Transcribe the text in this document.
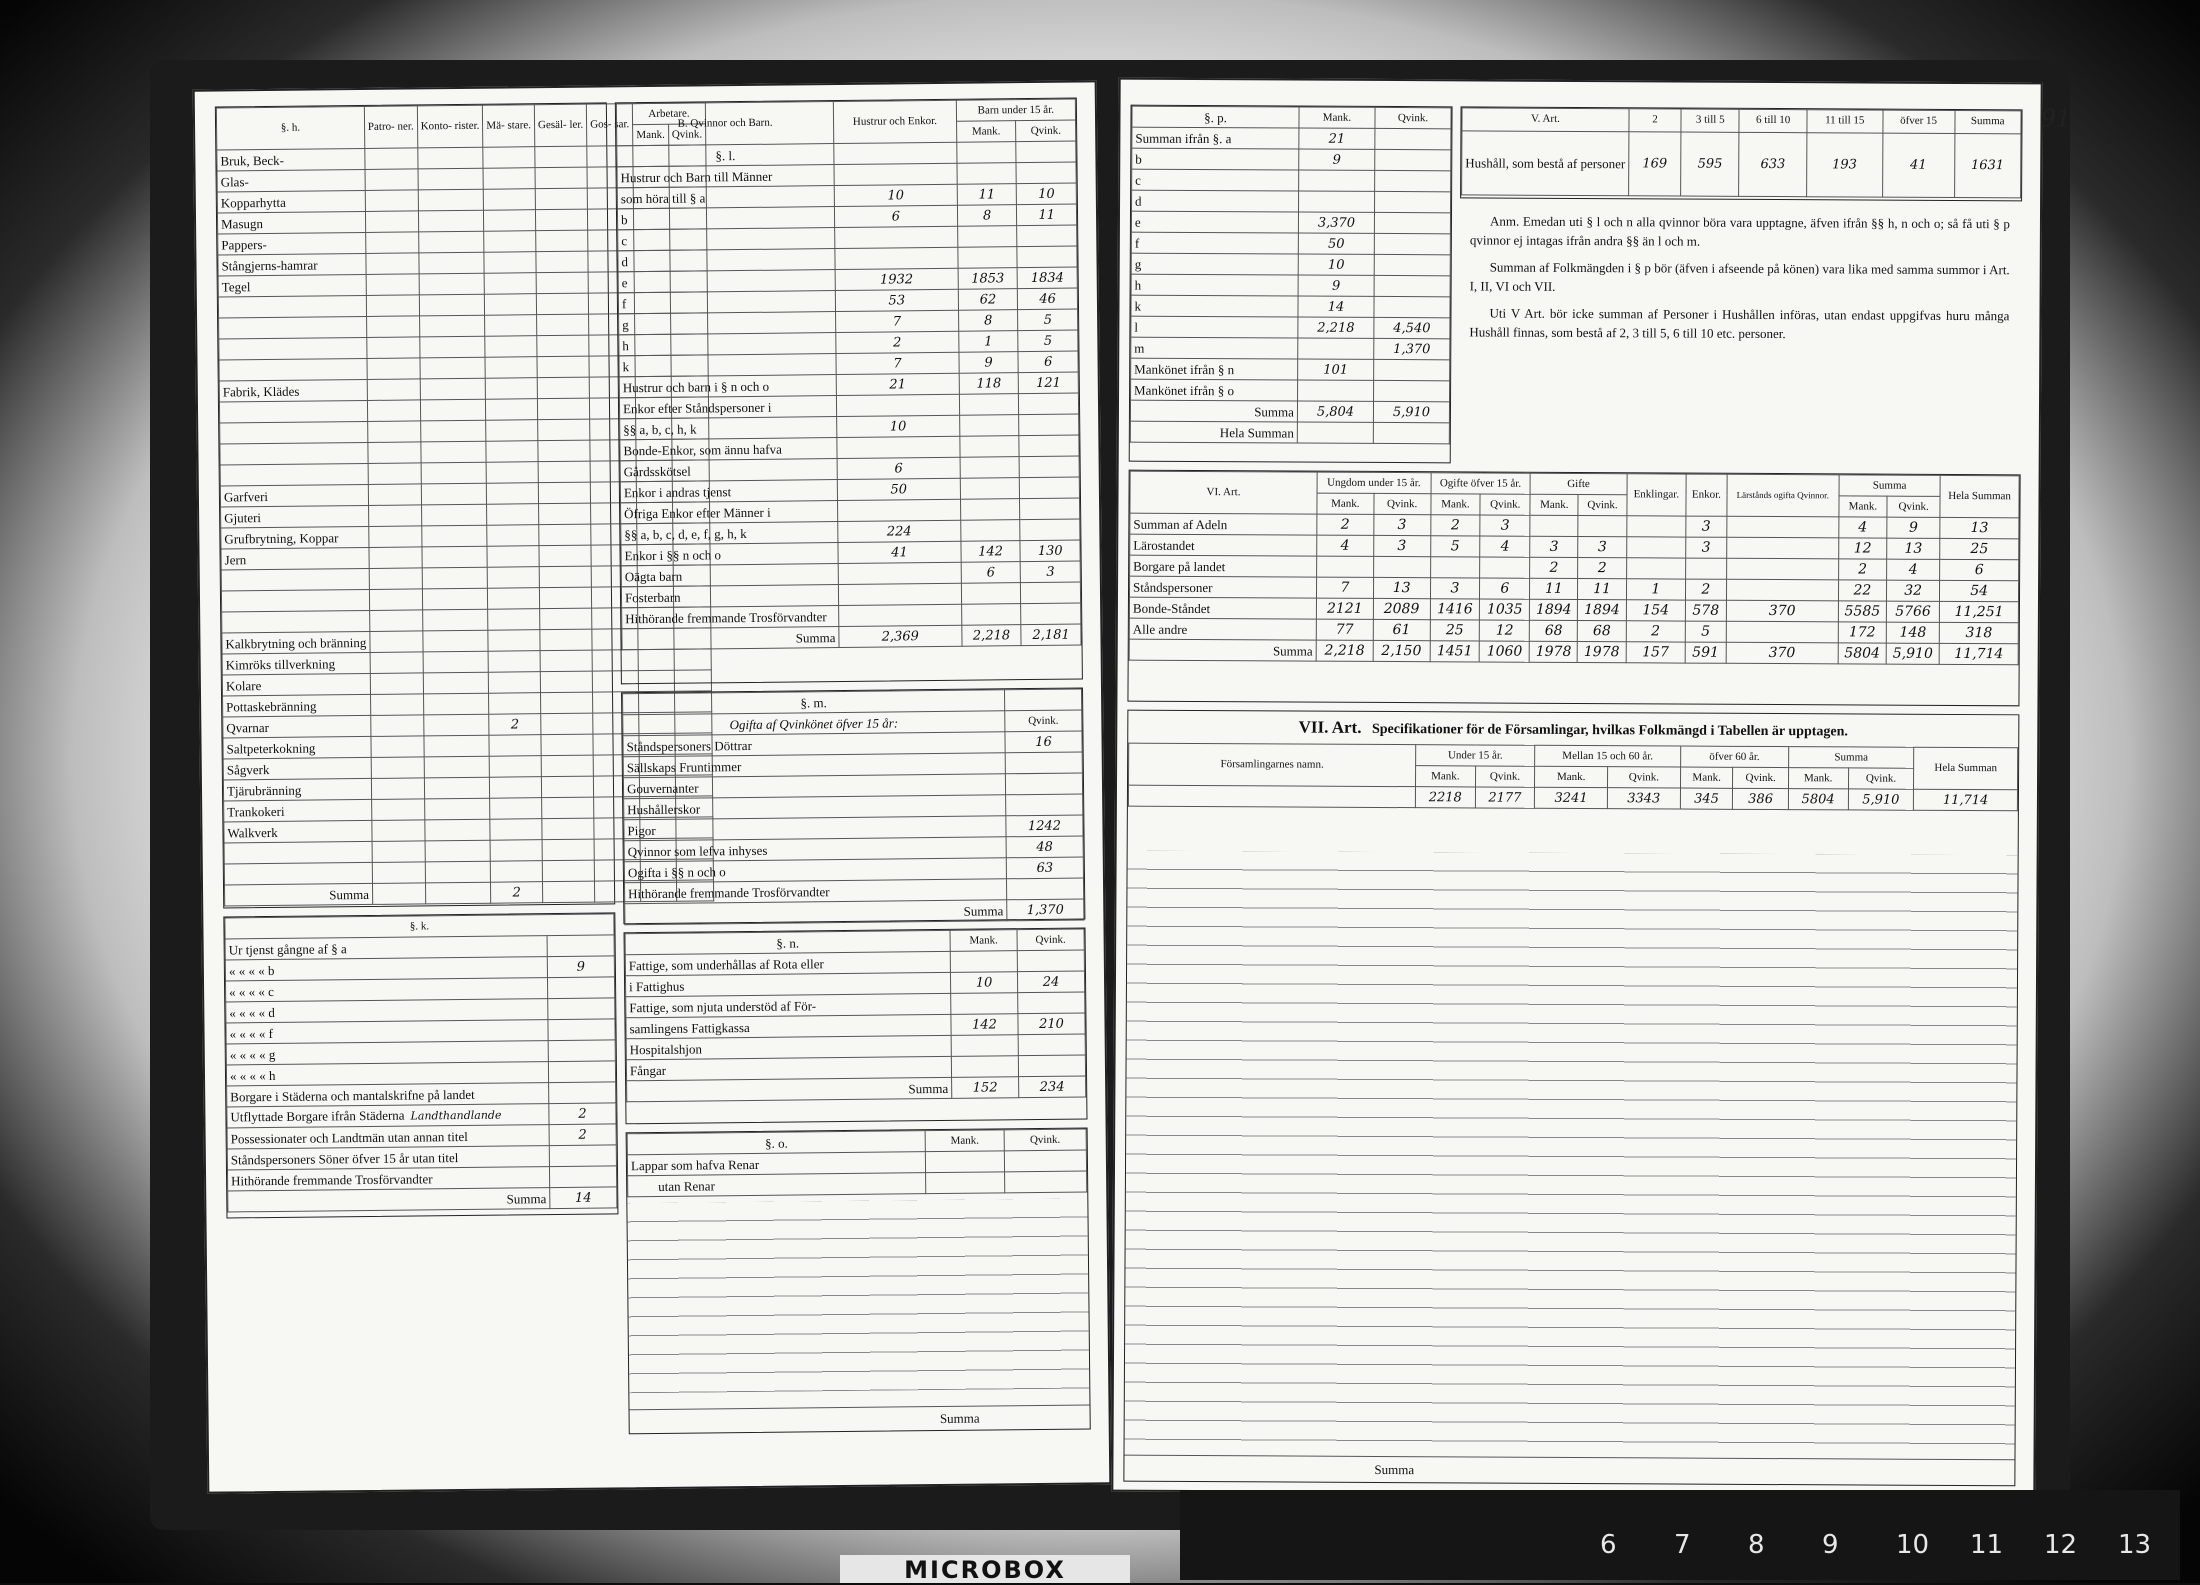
§. h.	Patro- ner.	Konto- rister.	Mä- stare.	Gesäl- ler.	Gos- sar.	Arbetare.	
						Mank.	Qvink.
Bruk, Beck-							
Glas-							
Kopparhytta							
Masugn							
Pappers-							
Stångjerns-hamrar							
Tegel							

Fabrik, Klädes							

Garfveri							
Gjuteri							
Grufbrytning, Koppar							
Jern							

Kalkbrytning och bränning							
Kimröks tillverkning							
Kolare							
Pottaskebränning							
Qvarnar			2				
Saltpeterkokning							
Sågverk							
Tjärubränning							
Trankokeri							
Walkverk							

Summa			2				
§. k.	
Ur tjenst gångne af § a	
« « « « b	9
« « « « c	
« « « « d	
« « « « f	
« « « « g	
« « « « h	
Borgare i Städerna och mantalskrifne på landet	
Utflyttade Borgare ifrån Städerna Landthandlande	2
Possessionater och Landtmän utan annan titel	2
Ståndspersoners Söner öfver 15 år utan titel	
Hithörande fremmande Trosförvandter	
Summa	14
B. Qvinnor och Barn.	Hustrur och Enkor.	Barn under 15 år.	
		Mank.	Qvink.
§. l.			
Hustrur och Barn till Männer			
som höra till § a	10	11	10
b	6	8	11
c			
d			
e	1932	1853	1834
f	53	62	46
g	7	8	5
h	2	1	5
k	7	9	6
Hustrur och barn i § n och o	21	118	121
Enkor efter Ståndspersoner i			
§§ a, b, c, h, k	10		
Bonde-Enkor, som ännu hafva			
Gårdsskötsel	6		
Enkor i andras tjenst	50		
Öfriga Enkor efter Männer i			
§§ a, b, c, d, e, f, g, h, k	224		
Enkor i §§ n och o	41	142	130
Oägta barn		6	3
Fosterbarn			
Hithörande fremmande Trosförvandter			
Summa	2,369	2,218	2,181
§. m.	
Ogifta af Qvinkönet öfver 15 år:	Qvink.
Ståndspersoners Döttrar	16
Sällskaps Fruntimmer	
Gouvernanter	
Hushållerskor	
Pigor	1242
Qvinnor som lefva inhyses	48
Ogifta i §§ n och o	63
Hithörande fremmande Trosförvandter	
Summa	1,370
§. n.	Mank.	Qvink.
Fattige, som underhållas af Rota eller		
i Fattighus	10	24
Fattige, som njuta understöd af För-		
samlingens Fattigkassa	142	210
Hospitalshjon		
Fångar		
Summa	152	234
§. o.	Mank.	Qvink.
Lappar som hafva Renar		
utan Renar		
Summa
91
§. p.	Mank.	Qvink.
Summan ifrån §. a	21	
b	9	
c		
d		
e	3,370	
f	50	
g	10	
h	9	
k	14	
l	2,218	4,540
m		1,370
Mankönet ifrån § n	101	
Mankönet ifrån § o		
Summa	5,804	5,910
Hela Summan		
V. Art.	2	3 till 5	6 till 10	11 till 15	öfver 15	Summa
Hushåll, som bestå af personer	169	595	633	193	41	1631

Anm. Emedan uti § l och n alla qvinnor böra vara upptagne, äfven ifrån §§ h, n och o; så få uti § p qvinnor ej intagas ifrån andra §§ än l och m.

Summan af Folkmängden i § p bör (äfven i afseende på könen) vara lika med samma summor i Art. I, II, VI och VII.

Uti V Art. bör icke summan af Personer i Hushållen införas, utan endast uppgifvas huru många Hushåll finnas, som bestå af 2, 3 till 5, 6 till 10 etc. personer.

VI. Art.	Ungdom under 15 år.		Ogifte öfver 15 år.		Gifte		Enklingar.	Enkor.	Lärstånds ogifta Qvinnor.	Summa		Hela Summan
	Mank.	Qvink.	Mank.	Qvink.	Mank.	Qvink.				Mank.	Qvink.	
Summan af Adeln	2	3	2	3				3		4	9	13
Lärostandet	4	3	5	4	3	3		3		12	13	25
Borgare på landet					2	2				2	4	6
Ståndspersoner	7	13	3	6	11	11	1	2		22	32	54
Bonde-Ståndet	2121	2089	1416	1035	1894	1894	154	578	370	5585	5766	11,251
Alle andre	77	61	25	12	68	68	2	5		172	148	318
Summa	2,218	2,150	1451	1060	1978	1978	157	591	370	5804	5,910	11,714
VII. Art. Specifikationer för de Församlingar, hvilkas Folkmängd i Tabellen är upptagen.
Församlingarnes namn.	Under 15 år.		Mellan 15 och 60 år.		öfver 60 år.		Summa		Hela Summan
	Mank.	Qvink.	Mank.	Qvink.	Mank.	Qvink.	Mank.	Qvink.	
	2218	2177	3241	3343	345	386	5804	5,910	11,714
Summa
6 7 8 9 10 11 12 13
MICROBOX
